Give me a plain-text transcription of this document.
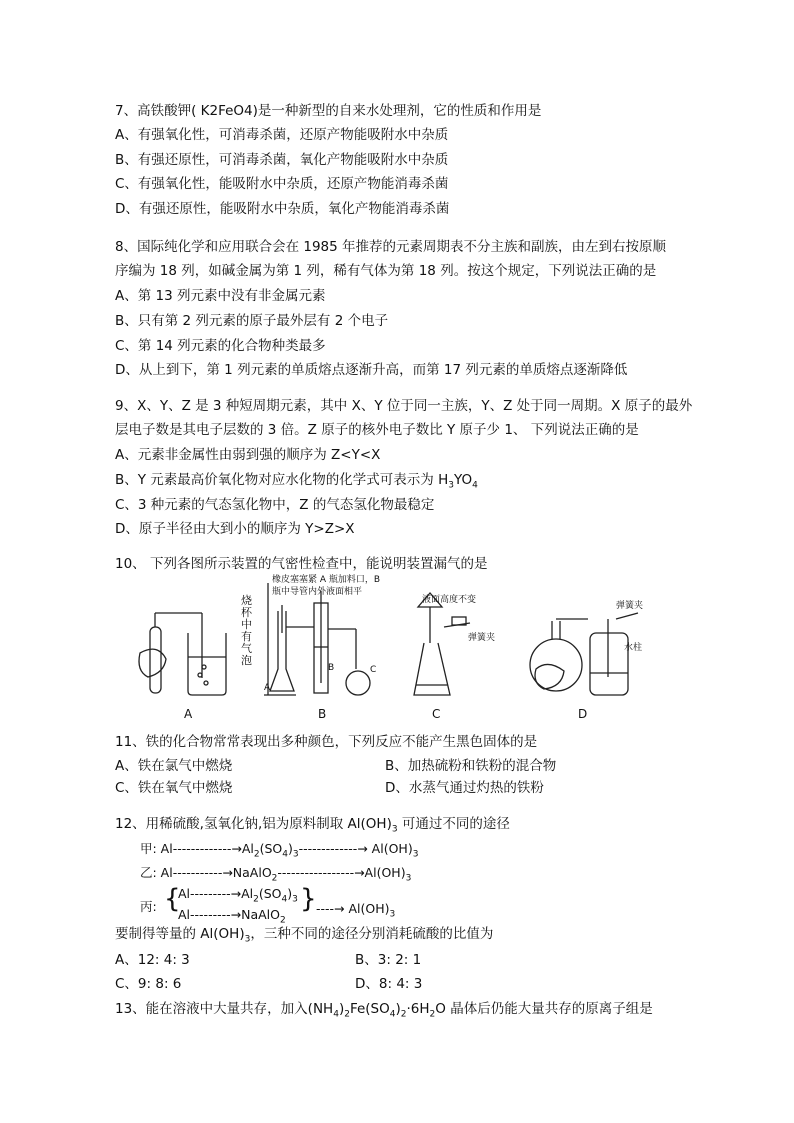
7、高铁酸钾( K2FeO4)是一种新型的自来水处理剂，它的性质和作用是
A、有强氧化性，可消毒杀菌，还原产物能吸附水中杂质
B、有强还原性，可消毒杀菌，氧化产物能吸附水中杂质
C、有强氧化性，能吸附水中杂质，还原产物能消毒杀菌
D、有强还原性，能吸附水中杂质，氧化产物能消毒杀菌
8、国际纯化学和应用联合会在 1985 年推荐的元素周期表不分主族和副族，由左到右按原顺
序编为 18 列，如碱金属为第 1 列，稀有气体为第 18 列。按这个规定，下列说法正确的是
A、第 13 列元素中没有非金属元素
B、只有第 2 列元素的原子最外层有 2 个电子
C、第 14 列元素的化合物种类最多
D、从上到下，第 1 列元素的单质熔点逐渐升高，而第 17 列元素的单质熔点逐渐降低
9、X、Y、Z 是 3 种短周期元素，其中 X、Y 位于同一主族，Y、Z 处于同一周期。X 原子的最外
层电子数是其电子层数的 3 倍。Z 原子的核外电子数比 Y 原子少 1、 下列说法正确的是
A、元素非金属性由弱到强的顺序为 Z<Y<X
B、Y 元素最高价氧化物对应水化物的化学式可表示为 $H_3YO_4$
C、3 种元素的气态氢化物中，Z 的气态氢化物最稳定
D、原子半径由大到小的顺序为 Y>Z>X
10、 下列各图所示装置的气密性检查中，能说明装置漏气的是
橡皮塞塞紧 A 瓶加料口，B
瓶中导管内外液面相平
烧杯中有气泡
A
B	C
液面高度不变
弹簧夹
弹簧夹
水柱
A	B	C	D
11、铁的化合物常常表现出多种颜色，下列反应不能产生黑色固体的是
A、铁在氯气中燃烧	B、加热硫粉和铁粉的混合物
C、铁在氧气中燃烧	D、水蒸气通过灼热的铁粉
12、用稀硫酸,氢氧化钠,铝为原料制取 $Al(OH)_3$ 可通过不同的途径
甲: $Al-------------\to Al_2(SO_4)_3-------------\to Al(OH)_3$
乙: $Al-----------\to NaAlO_2-----------------\to Al(OH)_3$
丙: {
$Al---------\to Al_2(SO_4)_3$
Al---------→NaAlO$_2$
} ----→ $Al(OH)_3$
要制得等量的 $Al(OH)_3$，三种不同的途径分别消耗硫酸的比值为
A、12: 4: 3	B、3: 2: 1
C、9: 8: 6	D、8: 4: 3
13、能在溶液中大量共存，加入$(NH_4)_2Fe(SO_4)_2\cdot 6H_2O$ 晶体后仍能大量共存的原离子组是
